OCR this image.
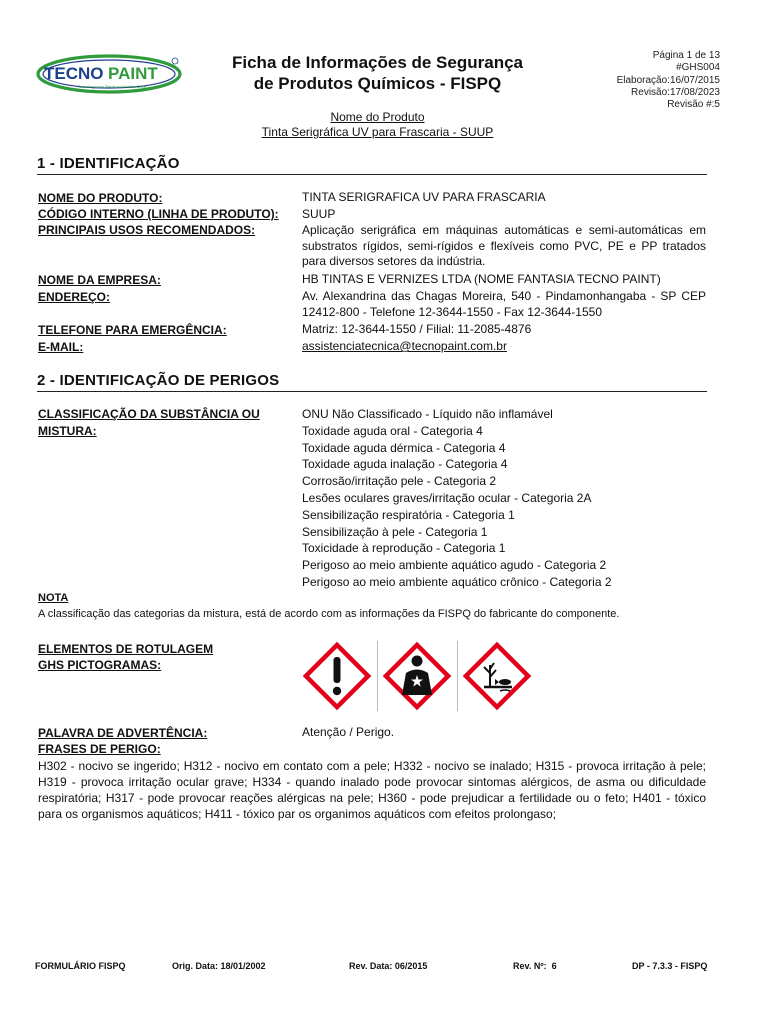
TECNO PAINT
Tecnologia em Tintas na Medida Certa
Ficha de Informações de Segurança
de Produtos Químicos - FISPQ
Página 1 de 13
#GHS004
Elaboração:16/07/2015
Revisão:17/08/2023
Revisão #:5
Nome do Produto
Tinta Serigráfica UV para Frascaria - SUUP
1 - IDENTIFICAÇÃO
NOME DO PRODUTO:	TINTA SERIGRAFICA UV PARA FRASCARIA
CÓDIGO INTERNO (LINHA DE PRODUTO): SUUP
PRINCIPAIS USOS RECOMENDADOS:	Aplicação serigráfica em máquinas automáticas e semi-automáticas em substratos rígidos, semi-rígidos e flexíveis como PVC, PE e PP tratados para diversos setores da indústria.
NOME DA EMPRESA:	HB TINTAS E VERNIZES LTDA (NOME FANTASIA TECNO PAINT)
ENDEREÇO:	Av. Alexandrina das Chagas Moreira, 540 - Pindamonhangaba - SP CEP 12412-800 - Telefone 12-3644-1550 - Fax 12-3644-1550
TELEFONE PARA EMERGÊNCIA:	Matriz: 12-3644-1550 / Filial: 11-2085-4876
E-MAIL:	assistenciatecnica@tecnopaint.com.br
2 - IDENTIFICAÇÃO DE PERIGOS
CLASSIFICAÇÃO DA SUBSTÂNCIA OU
MISTURA:
ONU Não Classificado - Líquido não inflamável
Toxidade aguda oral - Categoria 4
Toxidade aguda dérmica - Categoria 4
Toxidade aguda inalação - Categoria 4
Corrosão/irritação pele - Categoria 2
Lesões oculares graves/irritação ocular - Categoria 2A
Sensibilização respiratória - Categoria 1
Sensibilização à pele - Categoria 1
Toxicidade à reprodução - Categoria 1
Perigoso ao meio ambiente aquático agudo - Categoria 2
Perigoso ao meio ambiente aquático crônico - Categoria 2
NOTA
A classificação das categorias da mistura, está de acordo com as informações da FISPQ do fabricante do componente.
ELEMENTOS DE ROTULAGEM
GHS PICTOGRAMAS:
PALAVRA DE ADVERTÊNCIA:	Atenção / Perigo.
FRASES DE PERIGO:
H302 - nocivo se ingerido; H312 - nocivo em contato com a pele; H332 - nocivo se inalado; H315 - provoca irritação à pele; H319 - provoca irritação ocular grave; H334 - quando inalado pode provocar sintomas alérgicos, de asma ou dificuldade respiratória; H317 - pode provocar reações alérgicas na pele; H360 - pode prejudicar a fertilidade ou o feto; H401 - tóxico para os organismos aquáticos; H411 - tóxico par os organimos aquáticos com efeitos prolongaso;
FORMULÁRIO FISPQ	Orig. Data: 18/01/2002	Rev. Data: 06/2015	Rev. Nº:  6	DP - 7.3.3 - FISPQ
